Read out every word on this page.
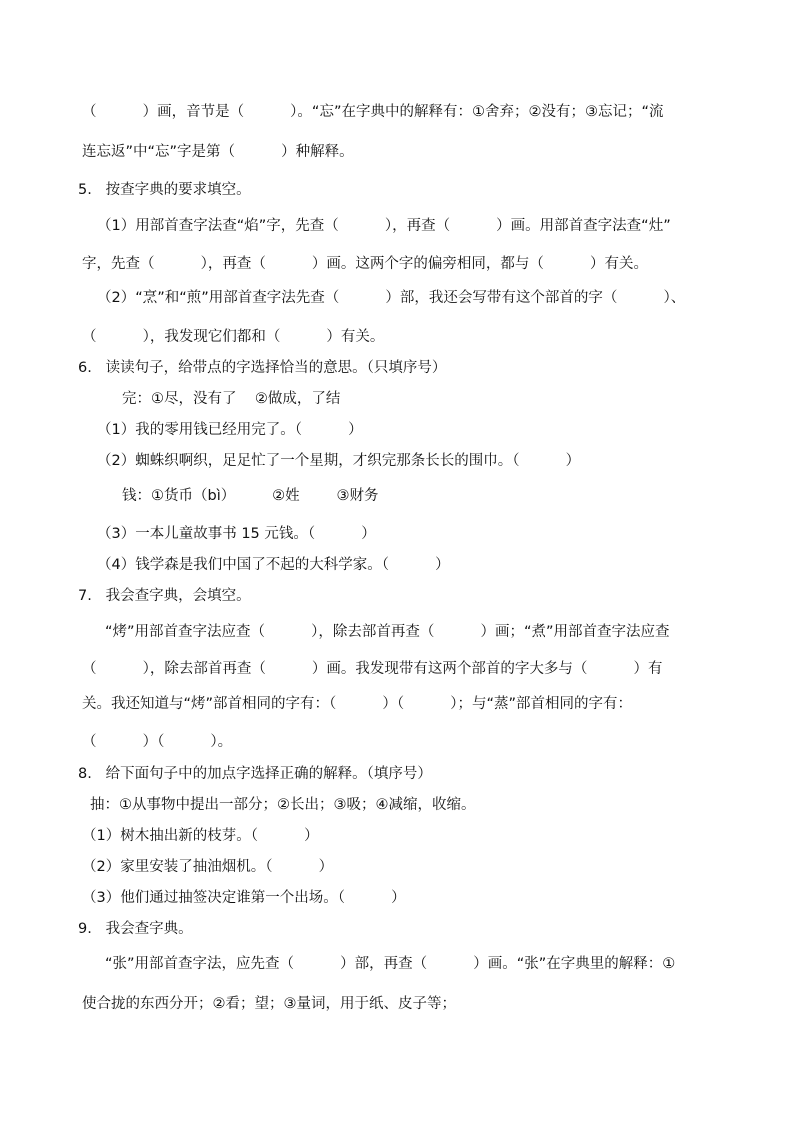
（          ）画，音节是（          ）。“忘”在字典中的解释有：①舍弃；②没有；③忘记；“流
连忘返”中“忘”字是第（          ）种解释。
5.   按查字典的要求填空。
（1）用部首查字法查“焰”字，先查（          ），再查（          ）画。用部首查字法查“灶”
字，先查（          ），再查（          ）画。这两个字的偏旁相同，都与（          ）有关。
（2）“烹”和“煎”用部首查字法先查（          ）部，我还会写带有这个部首的字（          ）、
（          ），我发现它们都和（          ）有关。
6.   读读句子，给带点的字选择恰当的意思。（只填序号）
完：①尽，没有了    ②做成，了结
（1）我的零用钱已经用完了。（          ）
（2）蜘蛛织啊织，足足忙了一个星期，才织完那条长长的围巾。（          ）
钱：①货币（bì）        ②姓        ③财务
（3）一本儿童故事书 15 元钱。（          ）
（4）钱学森是我们中国了不起的大科学家。（          ）
7.   我会查字典，会填空。
“烤”用部首查字法应查（          ），除去部首再查（          ）画；“煮”用部首查字法应查
（          ），除去部首再查（          ）画。我发现带有这两个部首的字大多与（          ）有
关。我还知道与“烤”部首相同的字有：（          ）（          ）；与“蒸”部首相同的字有：
（          ）（          ）。
8.   给下面句子中的加点字选择正确的解释。（填序号）
抽：①从事物中提出一部分；②长出；③吸；④减缩，收缩。
（1）树木抽出新的枝芽。（          ）
（2）家里安装了抽油烟机。（          ）
（3）他们通过抽签决定谁第一个出场。（          ）
9.   我会查字典。
“张”用部首查字法，应先查（          ）部，再查（          ）画。“张”在字典里的解释：①
使合拢的东西分开；②看；望；③量词，用于纸、皮子等；
